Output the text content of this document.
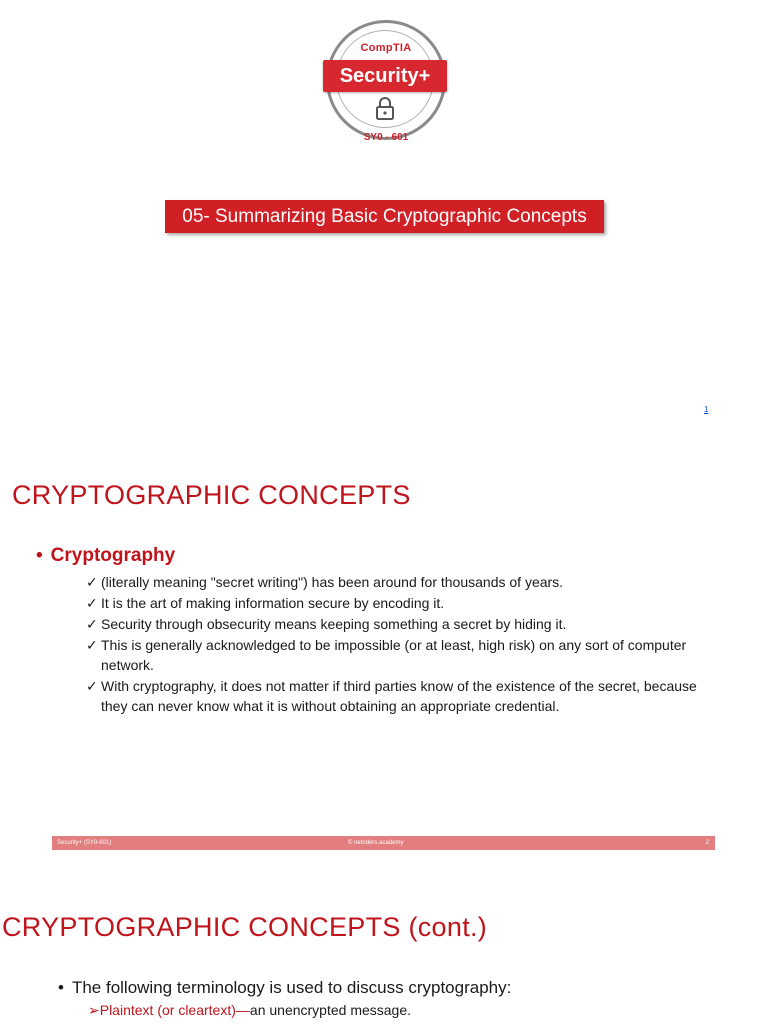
CompTIA
Security+
SY0 - 601
05- Summarizing Basic Cryptographic Concepts
1
CRYPTOGRAPHIC CONCEPTS
• Cryptography
✓ (literally meaning "secret writing") has been around for thousands of years.
✓ It is the art of making information secure by encoding it.
✓ Security through obsecurity means keeping something a secret by hiding it.
✓ This is generally acknowledged to be impossible (or at least, high risk) on any sort of computer network.
✓ With cryptography, it does not matter if third parties know of the existence of the secret, because they can never know what it is without obtaining an appropriate credential.
Security+ (SY0-601)	© netriders.academy	2
CRYPTOGRAPHIC CONCEPTS (cont.)
• The following terminology is used to discuss cryptography:
➢Plaintext (or cleartext)—an unencrypted message.
